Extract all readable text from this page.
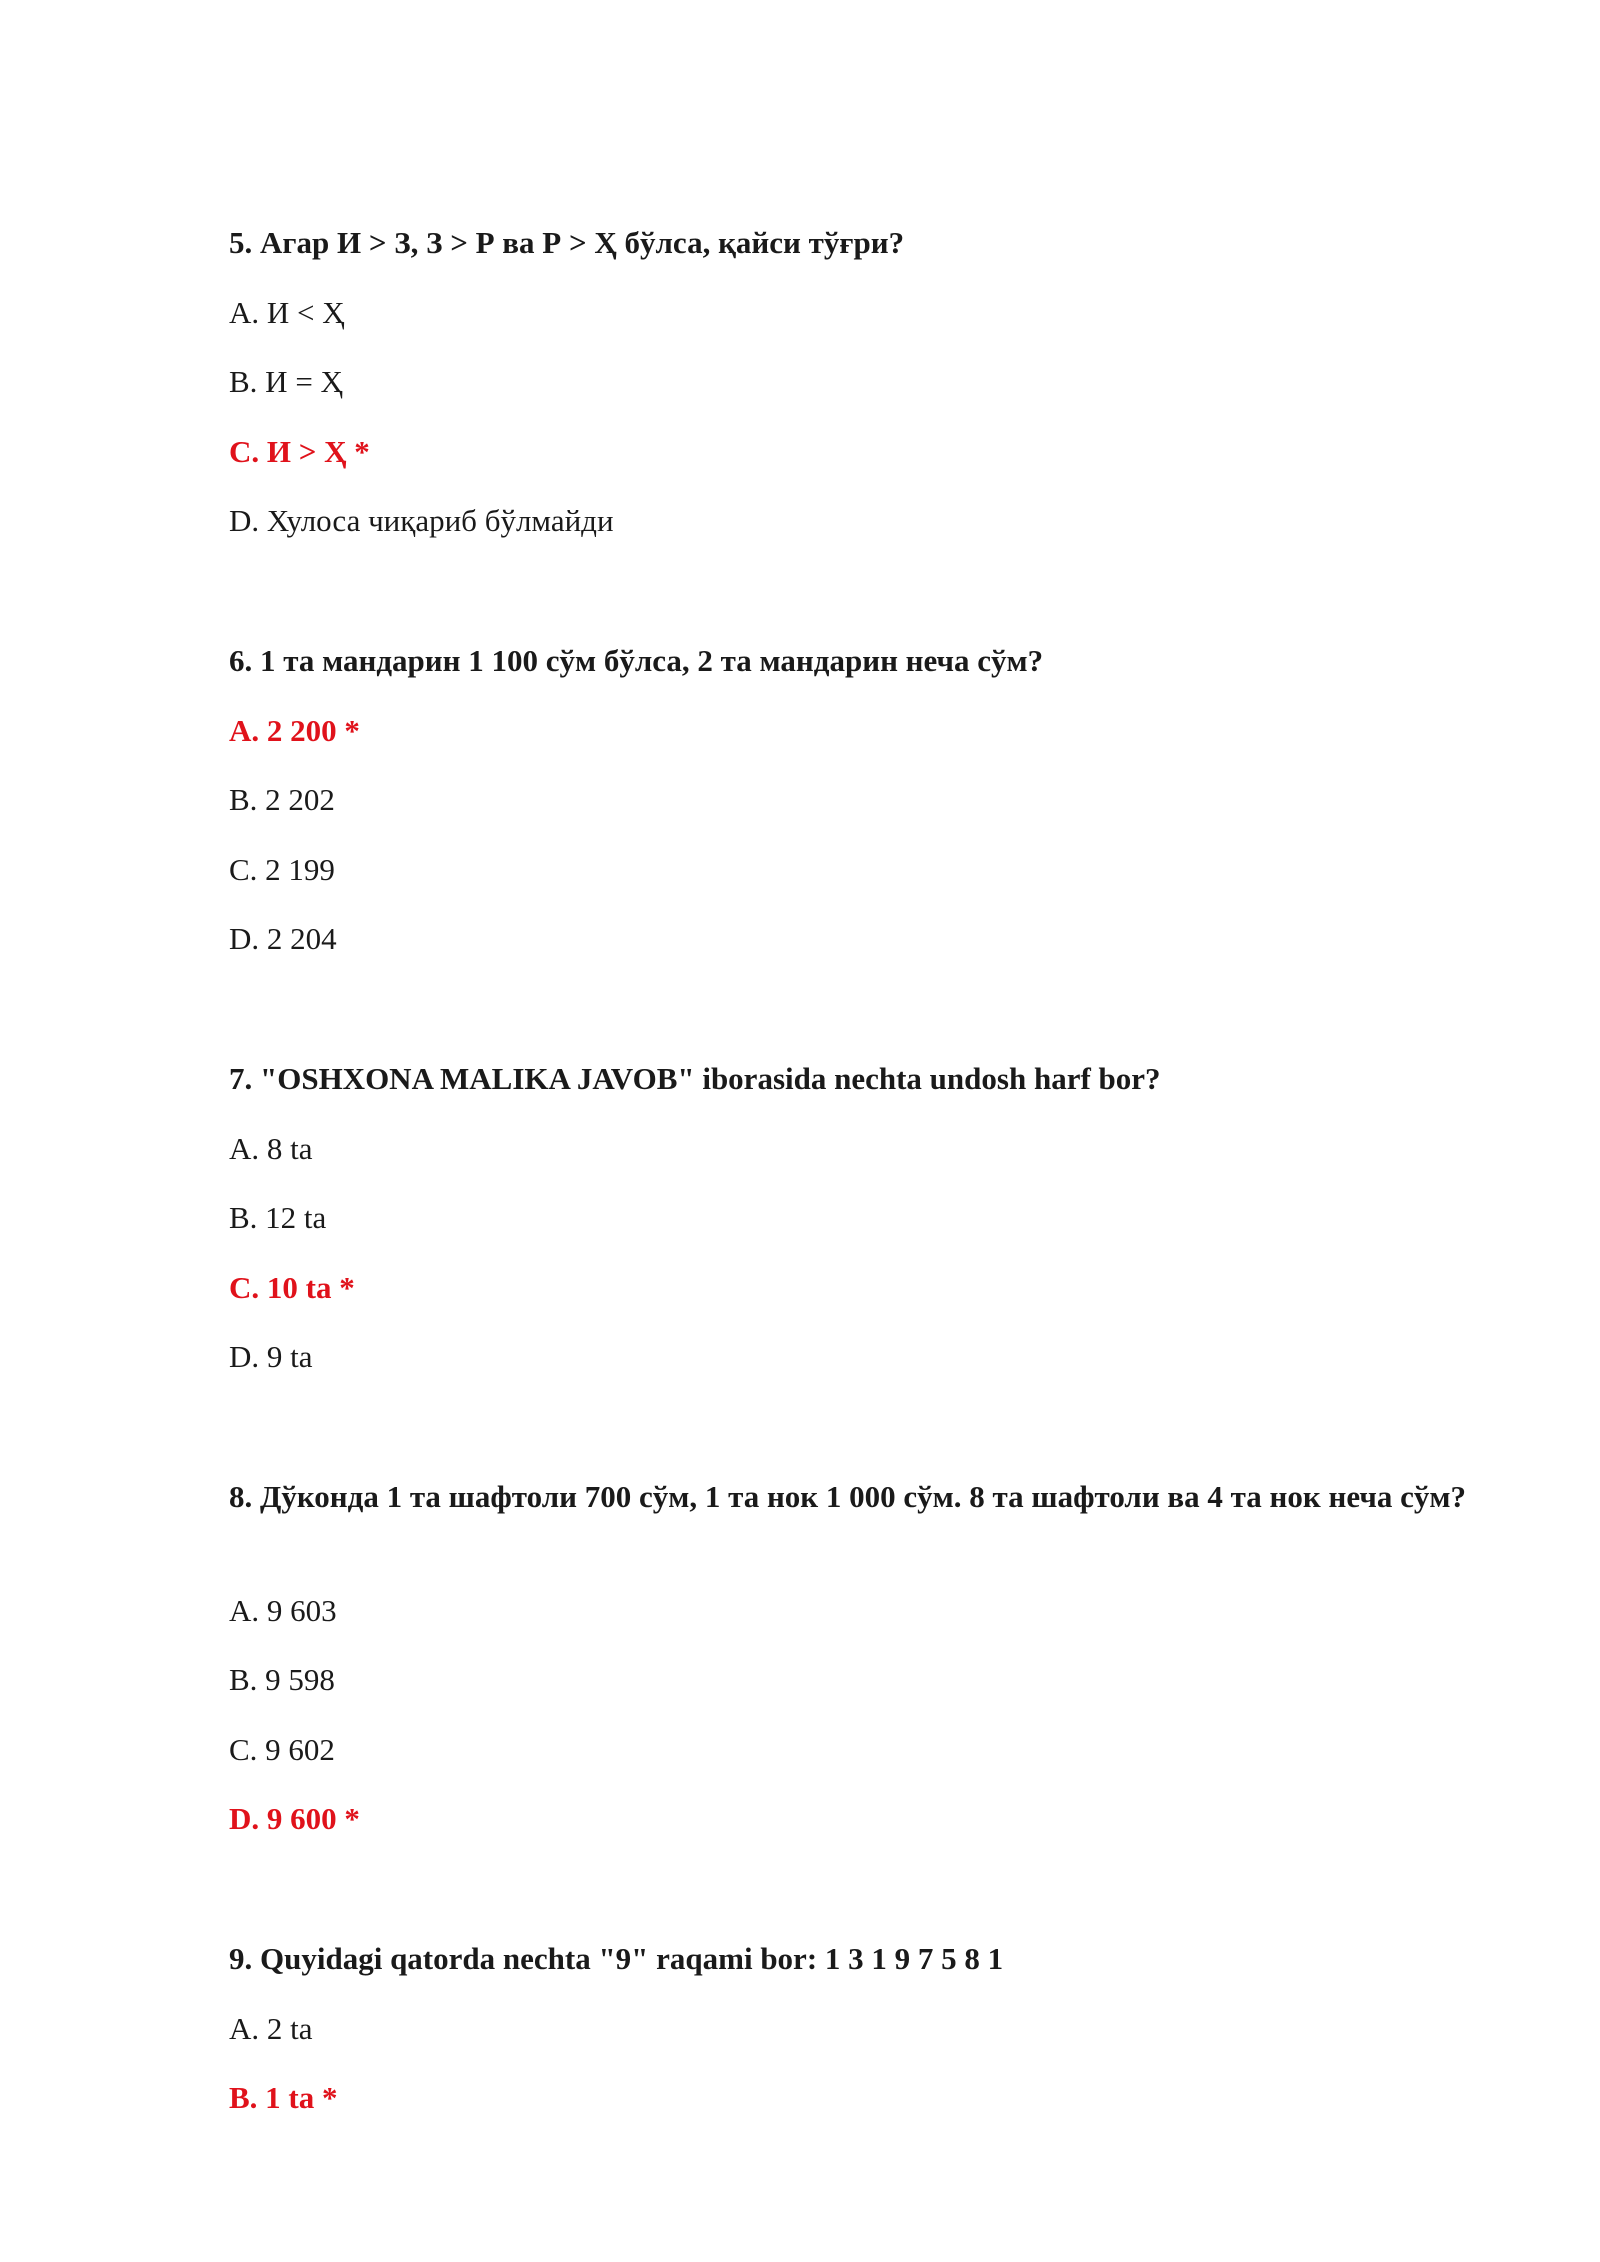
5. Агар И > З, З > Р ва Р > Ҳ бўлса, қайси тўғри?

A. И < Ҳ

B. И = Ҳ

C. И > Ҳ *

D. Хулоса чиқариб бўлмайди

6. 1 та мандарин 1 100 сўм бўлса, 2 та мандарин неча сўм?

A. 2 200 *

B. 2 202

C. 2 199

D. 2 204

7. "OSHXONA MALIKA JAVOB" iborasida nechta undosh harf bor?

A. 8 ta

B. 12 ta

C. 10 ta *

D. 9 ta

8. Дўконда 1 та шафтоли 700 сўм, 1 та нок 1 000 сўм. 8 та шафтоли ва 4 та нок неча сўм?

A. 9 603

B. 9 598

C. 9 602

D. 9 600 *

9. Quyidagi qatorda nechta "9" raqami bor: 1 3 1 9 7 5 8 1

A. 2 ta

B. 1 ta *
